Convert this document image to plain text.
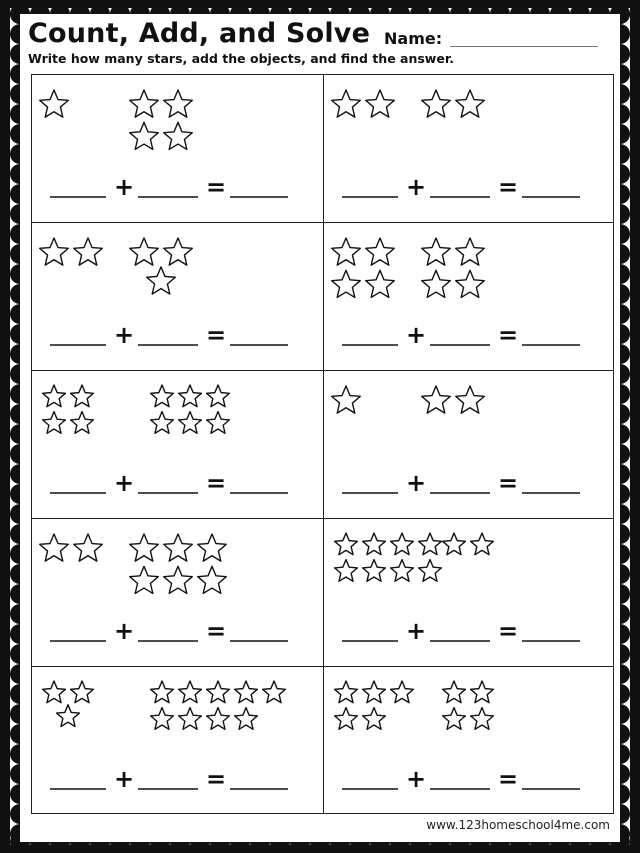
Count, Add, and Solve Name:
Write how many stars, add the objects, and find the answer.
+	=	+	=
+	=	+	=
+	=	+	=
+	=	+	=
+	=	+	=
www.123homeschool4me.com
